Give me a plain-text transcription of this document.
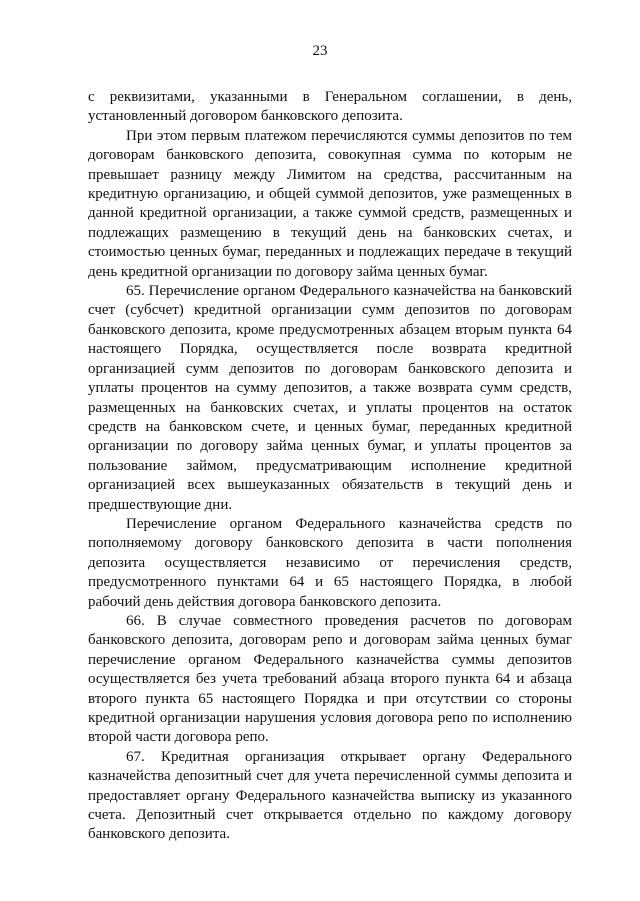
23

с реквизитами, указанными в Генеральном соглашении, в день, установленный договором банковского депозита.

При этом первым платежом перечисляются суммы депозитов по тем договорам банковского депозита, совокупная сумма по которым не превышает разницу между Лимитом на средства, рассчитанным на кредитную организацию, и общей суммой депозитов, уже размещенных в данной кредитной организации, а также суммой средств, размещенных и подлежащих размещению в текущий день на банковских счетах, и стоимостью ценных бумаг, переданных и подлежащих передаче в текущий день кредитной организации по договору займа ценных бумаг.

65. Перечисление органом Федерального казначейства на банковский счет (субсчет) кредитной организации сумм депозитов по договорам банковского депозита, кроме предусмотренных абзацем вторым пункта 64 настоящего Порядка, осуществляется после возврата кредитной организацией сумм депозитов по договорам банковского депозита и уплаты процентов на сумму депозитов, а также возврата сумм средств, размещенных на банковских счетах, и уплаты процентов на остаток средств на банковском счете, и ценных бумаг, переданных кредитной организации по договору займа ценных бумаг, и уплаты процентов за пользование займом, предусматривающим исполнение кредитной организацией всех вышеуказанных обязательств в текущий день и предшествующие дни.

Перечисление органом Федерального казначейства средств по пополняемому договору банковского депозита в части пополнения депозита осуществляется независимо от перечисления средств, предусмотренного пунктами 64 и 65 настоящего Порядка, в любой рабочий день действия договора банковского депозита.

66. В случае совместного проведения расчетов по договорам банковского депозита, договорам репо и договорам займа ценных бумаг перечисление органом Федерального казначейства суммы депозитов осуществляется без учета требований абзаца второго пункта 64 и абзаца второго пункта 65 настоящего Порядка и при отсутствии со стороны кредитной организации нарушения условия договора репо по исполнению второй части договора репо.

67. Кредитная организация открывает органу Федерального казначейства депозитный счет для учета перечисленной суммы депозита и предоставляет органу Федерального казначейства выписку из указанного счета. Депозитный счет открывается отдельно по каждому договору банковского депозита.
